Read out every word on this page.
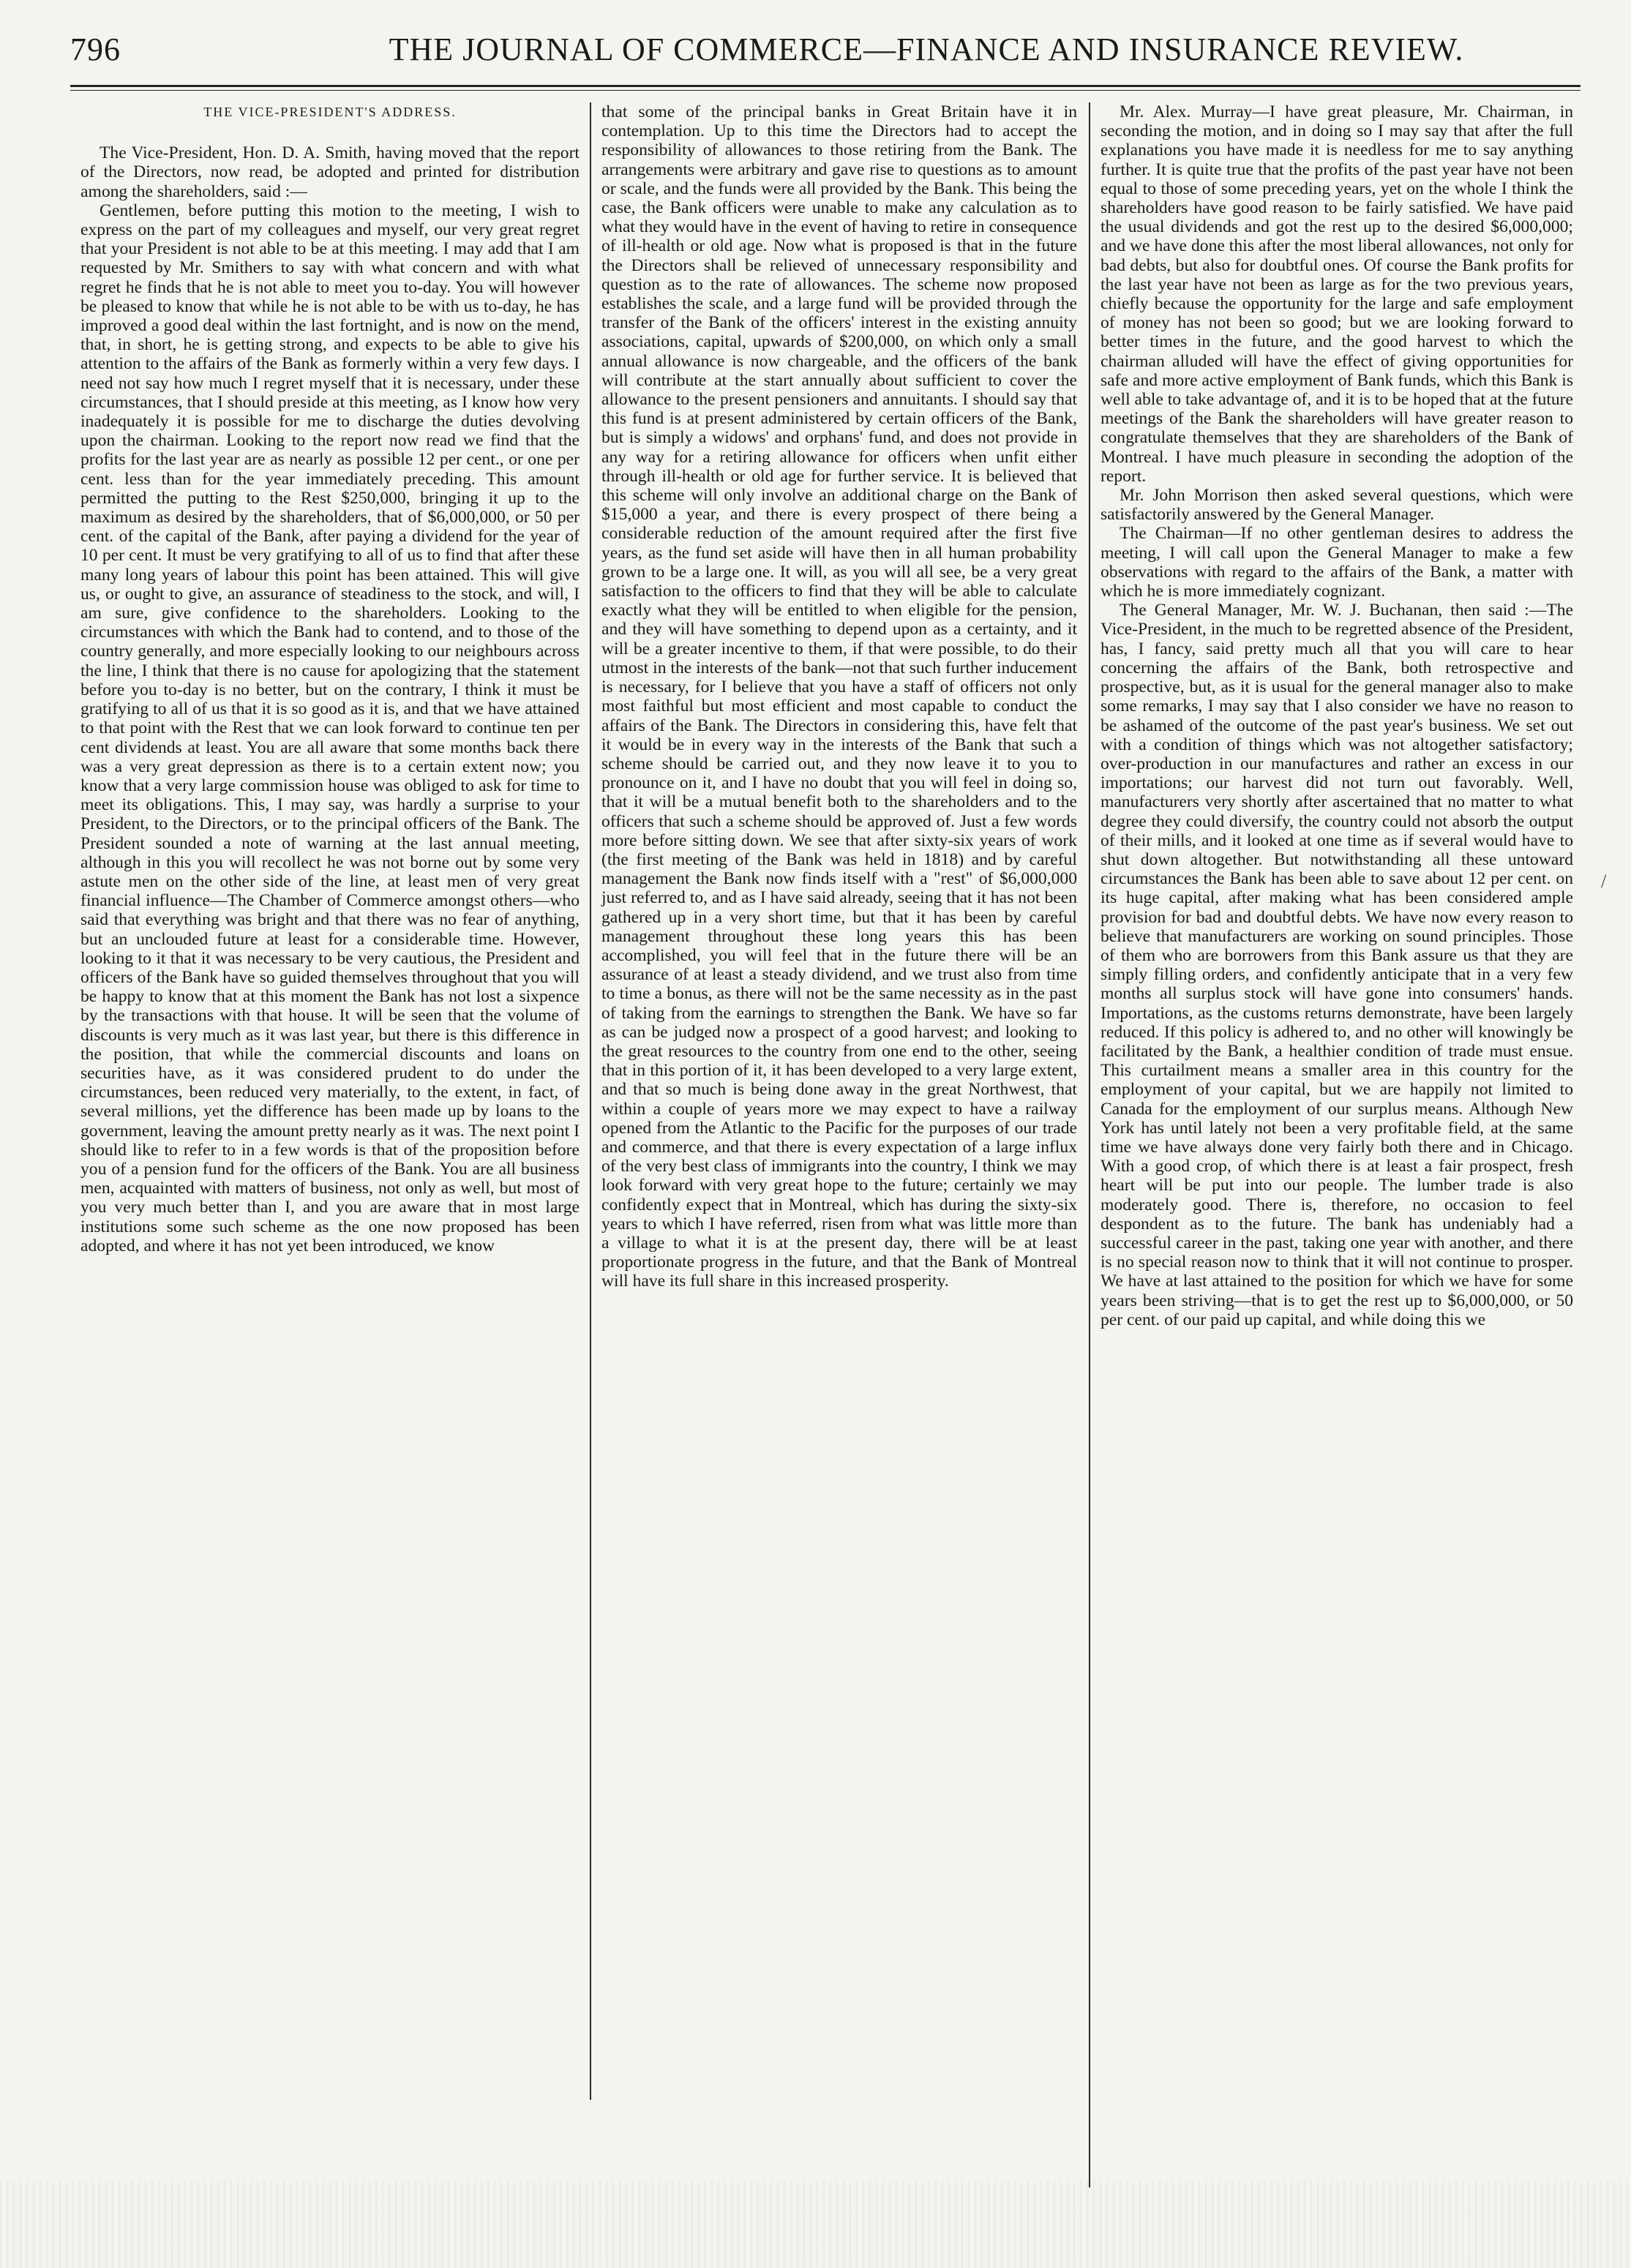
796	THE JOURNAL OF COMMERCE—FINANCE AND INSURANCE REVIEW.
THE VICE-PRESIDENT'S ADDRESS.

The Vice-President, Hon. D. A. Smith, having moved that the report of the Directors, now read, be adopted and printed for distribution among the shareholders, said :—

Gentlemen, before putting this motion to the meeting, I wish to express on the part of my colleagues and myself, our very great regret that your President is not able to be at this meeting. I may add that I am requested by Mr. Smithers to say with what concern and with what regret he finds that he is not able to meet you to-day. You will however be pleased to know that while he is not able to be with us to-day, he has improved a good deal within the last fortnight, and is now on the mend, that, in short, he is getting strong, and expects to be able to give his attention to the affairs of the Bank as formerly within a very few days. I need not say how much I regret myself that it is necessary, under these circumstances, that I should preside at this meeting, as I know how very inadequately it is possible for me to discharge the duties devolving upon the chairman. Looking to the report now read we find that the profits for the last year are as nearly as possible 12 per cent., or one per cent. less than for the year immediately preceding. This amount permitted the putting to the Rest $250,000, bringing it up to the maximum as desired by the shareholders, that of $6,000,000, or 50 per cent. of the capital of the Bank, after paying a dividend for the year of 10 per cent. It must be very gratifying to all of us to find that after these many long years of labour this point has been attained. This will give us, or ought to give, an assurance of steadiness to the stock, and will, I am sure, give confidence to the shareholders. Looking to the circumstances with which the Bank had to contend, and to those of the country generally, and more especially looking to our neighbours across the line, I think that there is no cause for apologizing that the statement before you to-day is no better, but on the contrary, I think it must be gratifying to all of us that it is so good as it is, and that we have attained to that point with the Rest that we can look forward to continue ten per cent dividends at least. You are all aware that some months back there was a very great depression as there is to a certain extent now; you know that a very large commission house was obliged to ask for time to meet its obligations. This, I may say, was hardly a surprise to your President, to the Directors, or to the principal officers of the Bank. The President sounded a note of warning at the last annual meeting, although in this you will recollect he was not borne out by some very astute men on the other side of the line, at least men of very great financial influence—The Chamber of Commerce amongst others—who said that everything was bright and that there was no fear of anything, but an unclouded future at least for a considerable time. However, looking to it that it was necessary to be very cautious, the President and officers of the Bank have so guided themselves throughout that you will be happy to know that at this moment the Bank has not lost a sixpence by the transactions with that house. It will be seen that the volume of discounts is very much as it was last year, but there is this difference in the position, that while the commercial discounts and loans on securities have, as it was considered prudent to do under the circumstances, been reduced very materially, to the extent, in fact, of several millions, yet the difference has been made up by loans to the government, leaving the amount pretty nearly as it was. The next point I should like to refer to in a few words is that of the proposition before you of a pension fund for the officers of the Bank. You are all business men, acquainted with matters of business, not only as well, but most of you very much better than I, and you are aware that in most large institutions some such scheme as the one now proposed has been adopted, and where it has not yet been introduced, we know

that some of the principal banks in Great Britain have it in contemplation. Up to this time the Directors had to accept the responsibility of allowances to those retiring from the Bank. The arrangements were arbitrary and gave rise to questions as to amount or scale, and the funds were all provided by the Bank. This being the case, the Bank officers were unable to make any calculation as to what they would have in the event of having to retire in consequence of ill-health or old age. Now what is proposed is that in the future the Directors shall be relieved of unnecessary responsibility and question as to the rate of allowances. The scheme now proposed establishes the scale, and a large fund will be provided through the transfer of the Bank of the officers' interest in the existing annuity associations, capital, upwards of $200,000, on which only a small annual allowance is now chargeable, and the officers of the bank will contribute at the start annually about sufficient to cover the allowance to the present pensioners and annuitants. I should say that this fund is at present administered by certain officers of the Bank, but is simply a widows' and orphans' fund, and does not provide in any way for a retiring allowance for officers when unfit either through ill-health or old age for further service. It is believed that this scheme will only involve an additional charge on the Bank of $15,000 a year, and there is every prospect of there being a considerable reduction of the amount required after the first five years, as the fund set aside will have then in all human probability grown to be a large one. It will, as you will all see, be a very great satisfaction to the officers to find that they will be able to calculate exactly what they will be entitled to when eligible for the pension, and they will have something to depend upon as a certainty, and it will be a greater incentive to them, if that were possible, to do their utmost in the interests of the bank—not that such further inducement is necessary, for I believe that you have a staff of officers not only most faithful but most efficient and most capable to conduct the affairs of the Bank. The Directors in considering this, have felt that it would be in every way in the interests of the Bank that such a scheme should be carried out, and they now leave it to you to pronounce on it, and I have no doubt that you will feel in doing so, that it will be a mutual benefit both to the shareholders and to the officers that such a scheme should be approved of. Just a few words more before sitting down. We see that after sixty-six years of work (the first meeting of the Bank was held in 1818) and by careful management the Bank now finds itself with a "rest" of $6,000,000 just referred to, and as I have said already, seeing that it has not been gathered up in a very short time, but that it has been by careful management throughout these long years this has been accomplished, you will feel that in the future there will be an assurance of at least a steady dividend, and we trust also from time to time a bonus, as there will not be the same necessity as in the past of taking from the earnings to strengthen the Bank. We have so far as can be judged now a prospect of a good harvest; and looking to the great resources to the country from one end to the other, seeing that in this portion of it, it has been developed to a very large extent, and that so much is being done away in the great Northwest, that within a couple of years more we may expect to have a railway opened from the Atlantic to the Pacific for the purposes of our trade and commerce, and that there is every expectation of a large influx of the very best class of immigrants into the country, I think we may look forward with very great hope to the future; certainly we may confidently expect that in Montreal, which has during the sixty-six years to which I have referred, risen from what was little more than a village to what it is at the present day, there will be at least proportionate progress in the future, and that the Bank of Montreal will have its full share in this increased prosperity.

Mr. Alex. Murray—I have great pleasure, Mr. Chairman, in seconding the motion, and in doing so I may say that after the full explanations you have made it is needless for me to say anything further. It is quite true that the profits of the past year have not been equal to those of some preceding years, yet on the whole I think the shareholders have good reason to be fairly satisfied. We have paid the usual dividends and got the rest up to the desired $6,000,000; and we have done this after the most liberal allowances, not only for bad debts, but also for doubtful ones. Of course the Bank profits for the last year have not been as large as for the two previous years, chiefly because the opportunity for the large and safe employment of money has not been so good; but we are looking forward to better times in the future, and the good harvest to which the chairman alluded will have the effect of giving opportunities for safe and more active employment of Bank funds, which this Bank is well able to take advantage of, and it is to be hoped that at the future meetings of the Bank the shareholders will have greater reason to congratulate themselves that they are shareholders of the Bank of Montreal. I have much pleasure in seconding the adoption of the report.

Mr. John Morrison then asked several questions, which were satisfactorily answered by the General Manager.

The Chairman—If no other gentleman desires to address the meeting, I will call upon the General Manager to make a few observations with regard to the affairs of the Bank, a matter with which he is more immediately cognizant.

The General Manager, Mr. W. J. Buchanan, then said :—The Vice-President, in the much to be regretted absence of the President, has, I fancy, said pretty much all that you will care to hear concerning the affairs of the Bank, both retrospective and prospective, but, as it is usual for the general manager also to make some remarks, I may say that I also consider we have no reason to be ashamed of the outcome of the past year's business. We set out with a condition of things which was not altogether satisfactory; over-production in our manufactures and rather an excess in our importations; our harvest did not turn out favorably. Well, manufacturers very shortly after ascertained that no matter to what degree they could diversify, the country could not absorb the output of their mills, and it looked at one time as if several would have to shut down altogether. But notwithstanding all these untoward circumstances the Bank has been able to save about 12 per cent. on its huge capital, after making what has been considered ample provision for bad and doubtful debts. We have now every reason to believe that manufacturers are working on sound principles. Those of them who are borrowers from this Bank assure us that they are simply filling orders, and confidently anticipate that in a very few months all surplus stock will have gone into consumers' hands. Importations, as the customs returns demonstrate, have been largely reduced. If this policy is adhered to, and no other will knowingly be facilitated by the Bank, a healthier condition of trade must ensue. This curtailment means a smaller area in this country for the employment of your capital, but we are happily not limited to Canada for the employment of our surplus means. Although New York has until lately not been a very profitable field, at the same time we have always done very fairly both there and in Chicago. With a good crop, of which there is at least a fair prospect, fresh heart will be put into our people. The lumber trade is also moderately good. There is, therefore, no occasion to feel despondent as to the future. The bank has undeniably had a successful career in the past, taking one year with another, and there is no special reason now to think that it will not continue to prosper. We have at last attained to the position for which we have for some years been striving—that is to get the rest up to $6,000,000, or 50 per cent. of our paid up capital, and while doing this we

/
